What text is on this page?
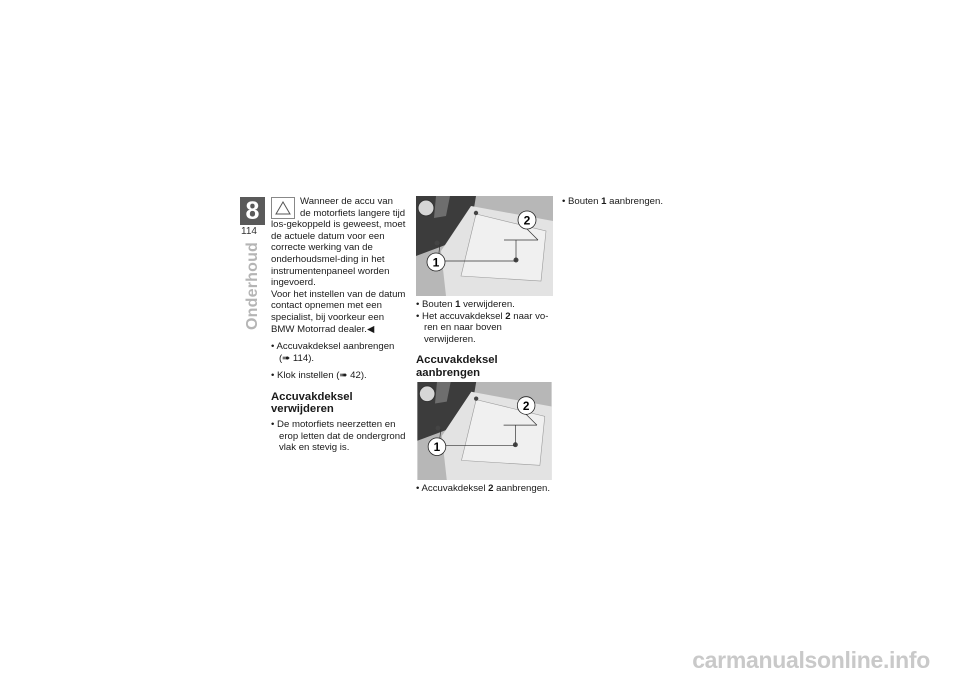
8
114
Onderhoud

Wanneer de accu van de motorfiets langere tijd los-gekoppeld is geweest, moet de actuele datum voor een correcte werking van de onderhoudsmel-ding in het instrumentenpaneel worden ingevoerd.

Voor het instellen van de datum contact opnemen met een specialist, bij voorkeur een BMW Motorrad dealer.◀

• Accuvakdeksel aanbrengen (➠ 114).

• Klok instellen (➠ 42).

Accuvakdeksel verwijderen

• De motorfiets neerzetten en erop letten dat de ondergrond vlak en stevig is.

1
2

• Bouten 1 verwijderen.

• Het accuvakdeksel 2 naar vo-ren en naar boven verwijderen.

Accuvakdeksel aanbrengen
1
2

• Accuvakdeksel 2 aanbrengen.

• Bouten 1 aanbrengen.

carmanualsonline.info
